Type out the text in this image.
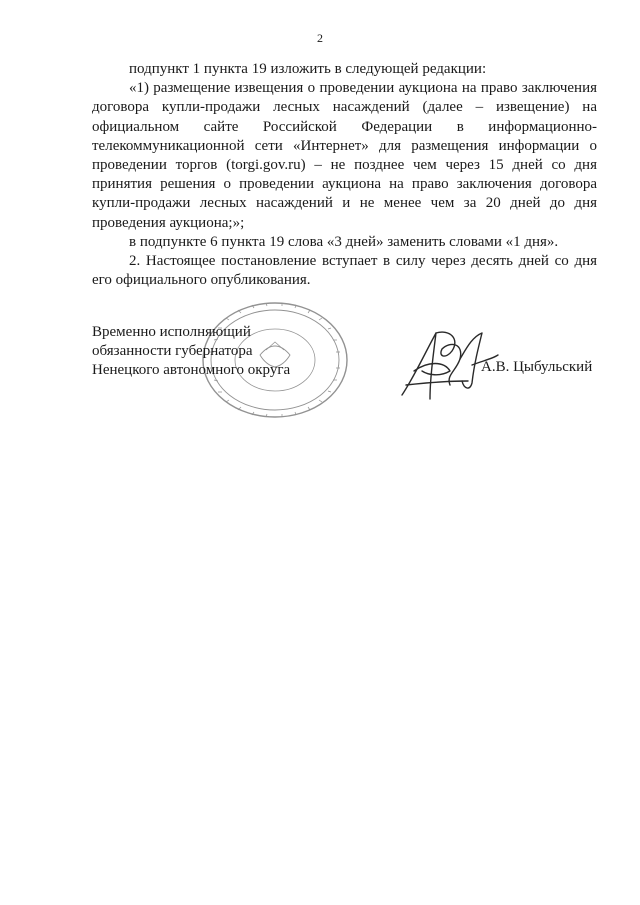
2

подпункт 1 пункта 19 изложить в следующей редакции:

«1) размещение извещения о проведении аукциона на право заключения договора купли-продажи лесных насаждений (далее – извещение) на официальном сайте Российской Федерации в информационно-телекоммуникационной сети «Интернет» для размещения информации о проведении торгов (torgi.gov.ru) – не позднее чем через 15 дней со дня принятия решения о проведении аукциона на право заключения договора купли-продажи лесных насаждений и не менее чем за 20 дней до дня проведения аукциона;»;

в подпункте 6 пункта 19 слова «3 дней» заменить словами «1 дня».

2. Настоящее постановление вступает в силу через десять дней со дня его официального опубликования.

Временно исполняющий
обязанности губернатора
Ненецкого автономного округа	А.В. Цыбульский
